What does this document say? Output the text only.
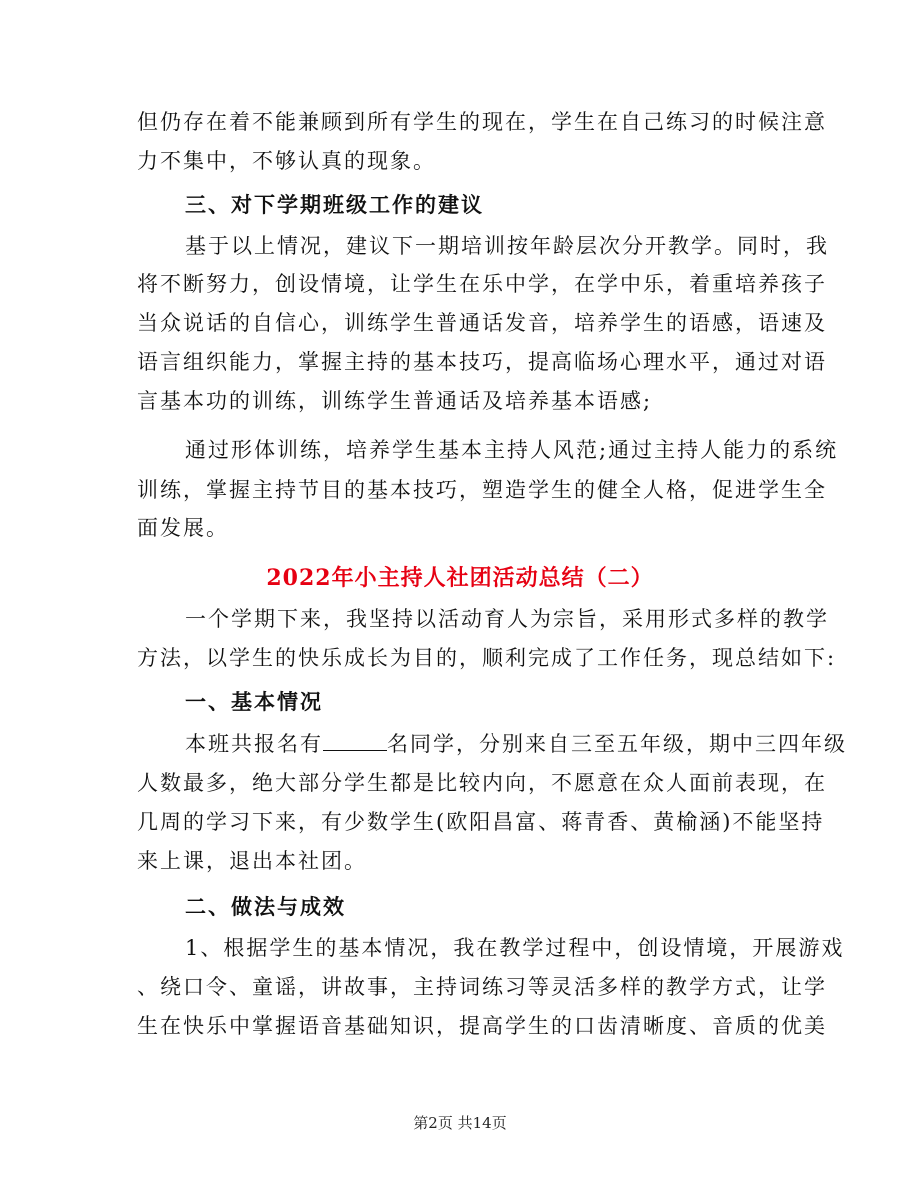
但仍存在着不能兼顾到所有学生的现在，学生在自己练习的时候注意
力不集中，不够认真的现象。
三、对下学期班级工作的建议
基于以上情况，建议下一期培训按年龄层次分开教学。同时，我
将不断努力，创设情境，让学生在乐中学，在学中乐，着重培养孩子
当众说话的自信心，训练学生普通话发音，培养学生的语感，语速及
语言组织能力，掌握主持的基本技巧，提高临场心理水平，通过对语
言基本功的训练，训练学生普通话及培养基本语感;
通过形体训练，培养学生基本主持人风范;通过主持人能力的系统
训练，掌握主持节目的基本技巧，塑造学生的健全人格，促进学生全
面发展。
2022年小主持人社团活动总结（二）
一个学期下来，我坚持以活动育人为宗旨，采用形式多样的教学
方法，以学生的快乐成长为目的，顺利完成了工作任务，现总结如下:
一、基本情况
本班共报名有	名同学，分别来自三至五年级，期中三四年级
人数最多，绝大部分学生都是比较内向，不愿意在众人面前表现，在
几周的学习下来，有少数学生(欧阳昌富、蒋青香、黄榆涵)不能坚持
来上课，退出本社团。
二、做法与成效
1、根据学生的基本情况，我在教学过程中，创设情境，开展游戏
、绕口令、童谣，讲故事，主持词练习等灵活多样的教学方式，让学
生在快乐中掌握语音基础知识，提高学生的口齿清晰度、音质的优美
第2页 共14页
